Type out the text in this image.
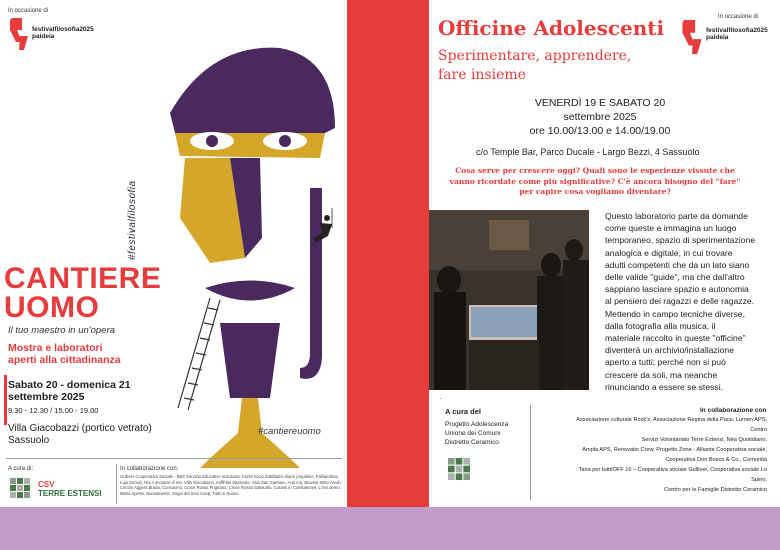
In occasione di
festivalfilosofia2025 paideia
#festivalfilosofia
CANTIERE
UOMO
Il tuo maestro in un'opera
Mostra e laboratori
aperti alla cittadinanza
Sabato 20 - domenica 21
settembre 2025
9.30 - 12.30 / 15.00 - 19.00
Villa Giacobazzi (portico vetrato)
Sassuolo
#cantiereuomo
A cura di:
CSV
TERRE ESTENSI
In collaborazione con:
Gulliver Cooperativa Sociale - SBS Servizio Educativo Inclusione Centri socio riabilitativi diurni (Aquilone, Polisportiva, Luja Social), Noi ri scontrar di me, Villa Giacobazzi, AnffFlas Sassuolo, Asia San Gaetano, Auti Aut, Biovest Sinto Amah, Circolo Aggera Brada, Concavino, Croce Rossa Prignano, Croce Rossa Sassuolo, Curarsi in Comlummes, L'invi demo, Maria Aperta, Nuovamente, Sogni del Soci Coop, Tutto e Nuovo
Officine Adolescenti
Sperimentare, apprendere,
fare insieme
In occasione di
festivalfilosofia2025 paideia
VENERDÌ 19 E SABATO 20
settembre 2025
ore 10.00/13.00 e 14.00/19.00
c/o Temple Bar, Parco Ducale - Largo Bezzi, 4 Sassuolo
Cosa serve per crescere oggi? Quali sono le esperienze vissute che
vanno ricordate come più significative? C'è ancora bisogno del "fare"
per capire cosa vogliamo diventare?

Questo laboratorio parte da domande

come queste e immagina un luogo

temporaneo, spazio di sperimentazione

analogica e digitale, in cui trovare

adulti competenti che da un lato siano

delle valide "guide", ma che dall'altro

sappiano lasciare spazio e autonomia

al pensiero dei ragazzi e delle ragazze.

Mettendo in campo tecniche diverse,

dalla fotografia alla musica, il

materiale raccolto in queste "officine"

diventerà un archivio/installazione

aperto a tutti; perché non si può

crescere da soli, ma neanche

rinunciando a essere se stessi.

A cura del
Progetto Adolescenza
Unione dei Comuni
Distretto Ceramico
In collaborazione con
Associazione culturale Rock's, Associazione Regina della Pace, Lumen APS,
Centro
Servizi Volontariato Terre Estensi, Néa Quotidiano,
Ampla APS, Renovatio Crew, Progetto Zone - Alliante Cooperativa sociale,
Cooperativa Don Bosco & Co., Comunità
Tana per tutti/OFF 16 – Cooperativa sociale Gulliver, Cooperativa sociale Lo
Spino,
Centro per le Famiglie Distretto Ceramico
